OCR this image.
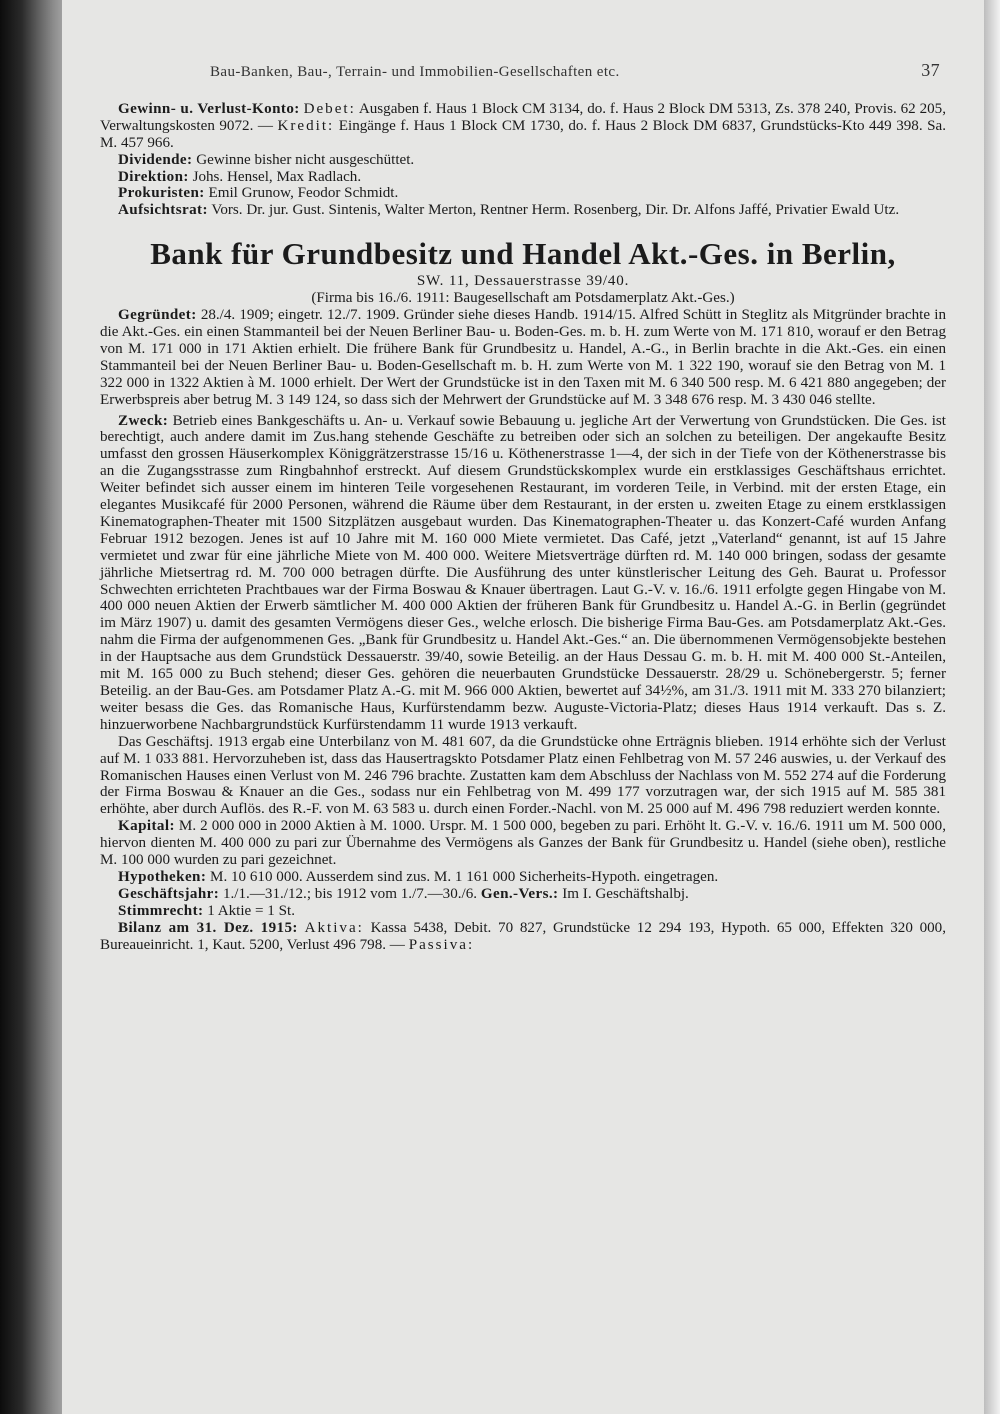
Bau-Banken, Bau-, Terrain- und Immobilien-Gesellschaften etc.	37

Gewinn- u. Verlust-Konto: Debet: Ausgaben f. Haus 1 Block CM 3134, do. f. Haus 2 Block DM 5313, Zs. 378 240, Provis. 62 205, Verwaltungskosten 9072. — Kredit: Eingänge f. Haus 1 Block CM 1730, do. f. Haus 2 Block DM 6837, Grundstücks-Kto 449 398. Sa. M. 457 966.

Dividende: Gewinne bisher nicht ausgeschüttet.

Direktion: Johs. Hensel, Max Radlach.

Prokuristen: Emil Grunow, Feodor Schmidt.

Aufsichtsrat: Vors. Dr. jur. Gust. Sintenis, Walter Merton, Rentner Herm. Rosenberg, Dir. Dr. Alfons Jaffé, Privatier Ewald Utz.

Bank für Grundbesitz und Handel Akt.-Ges. in Berlin,

SW. 11, Dessauerstrasse 39/40.

(Firma bis 16./6. 1911: Baugesellschaft am Potsdamerplatz Akt.-Ges.)

Gegründet: 28./4. 1909; eingetr. 12./7. 1909. Gründer siehe dieses Handb. 1914/15. Alfred Schütt in Steglitz als Mitgründer brachte in die Akt.-Ges. ein einen Stammanteil bei der Neuen Berliner Bau- u. Boden-Ges. m. b. H. zum Werte von M. 171 810, worauf er den Betrag von M. 171 000 in 171 Aktien erhielt. Die frühere Bank für Grundbesitz u. Handel, A.-G., in Berlin brachte in die Akt.-Ges. ein einen Stammanteil bei der Neuen Berliner Bau- u. Boden-Gesellschaft m. b. H. zum Werte von M. 1 322 190, worauf sie den Betrag von M. 1 322 000 in 1322 Aktien à M. 1000 erhielt. Der Wert der Grundstücke ist in den Taxen mit M. 6 340 500 resp. M. 6 421 880 angegeben; der Erwerbspreis aber betrug M. 3 149 124, so dass sich der Mehrwert der Grundstücke auf M. 3 348 676 resp. M. 3 430 046 stellte.

Zweck: Betrieb eines Bankgeschäfts u. An- u. Verkauf sowie Bebauung u. jegliche Art der Verwertung von Grundstücken. Die Ges. ist berechtigt, auch andere damit im Zus.hang stehende Geschäfte zu betreiben oder sich an solchen zu beteiligen. Der angekaufte Besitz umfasst den grossen Häuserkomplex Königgrätzerstrasse 15/16 u. Köthenerstrasse 1—4, der sich in der Tiefe von der Köthenerstrasse bis an die Zugangsstrasse zum Ringbahnhof erstreckt. Auf diesem Grundstückskomplex wurde ein erstklassiges Geschäftshaus errichtet. Weiter befindet sich ausser einem im hinteren Teile vorgesehenen Restaurant, im vorderen Teile, in Verbind. mit der ersten Etage, ein elegantes Musikcafé für 2000 Personen, während die Räume über dem Restaurant, in der ersten u. zweiten Etage zu einem erstklassigen Kinematographen-Theater mit 1500 Sitzplätzen ausgebaut wurden. Das Kinematographen-Theater u. das Konzert-Café wurden Anfang Februar 1912 bezogen. Jenes ist auf 10 Jahre mit M. 160 000 Miete vermietet. Das Café, jetzt „Vaterland“ genannt, ist auf 15 Jahre vermietet und zwar für eine jährliche Miete von M. 400 000. Weitere Mietsverträge dürften rd. M. 140 000 bringen, sodass der gesamte jährliche Mietsertrag rd. M. 700 000 betragen dürfte. Die Ausführung des unter künstlerischer Leitung des Geh. Baurat u. Professor Schwechten errichteten Prachtbaues war der Firma Boswau & Knauer übertragen. Laut G.-V. v. 16./6. 1911 erfolgte gegen Hingabe von M. 400 000 neuen Aktien der Erwerb sämtlicher M. 400 000 Aktien der früheren Bank für Grundbesitz u. Handel A.-G. in Berlin (gegründet im März 1907) u. damit des gesamten Vermögens dieser Ges., welche erlosch. Die bisherige Firma Bau-Ges. am Potsdamerplatz Akt.-Ges. nahm die Firma der aufgenommenen Ges. „Bank für Grundbesitz u. Handel Akt.-Ges.“ an. Die übernommenen Vermögensobjekte bestehen in der Hauptsache aus dem Grundstück Dessauerstr. 39/40, sowie Beteilig. an der Haus Dessau G. m. b. H. mit M. 400 000 St.-Anteilen, mit M. 165 000 zu Buch stehend; dieser Ges. gehören die neuerbauten Grundstücke Dessauerstr. 28/29 u. Schönebergerstr. 5; ferner Beteilig. an der Bau-Ges. am Potsdamer Platz A.-G. mit M. 966 000 Aktien, bewertet auf 34½%, am 31./3. 1911 mit M. 333 270 bilanziert; weiter besass die Ges. das Romanische Haus, Kurfürstendamm bezw. Auguste-Victoria-Platz; dieses Haus 1914 verkauft. Das s. Z. hinzuerworbene Nachbargrundstück Kurfürstendamm 11 wurde 1913 verkauft.

Das Geschäftsj. 1913 ergab eine Unterbilanz von M. 481 607, da die Grundstücke ohne Erträgnis blieben. 1914 erhöhte sich der Verlust auf M. 1 033 881. Hervorzuheben ist, dass das Hausertragskto Potsdamer Platz einen Fehlbetrag von M. 57 246 auswies, u. der Verkauf des Romanischen Hauses einen Verlust von M. 246 796 brachte. Zustatten kam dem Abschluss der Nachlass von M. 552 274 auf die Forderung der Firma Boswau & Knauer an die Ges., sodass nur ein Fehlbetrag von M. 499 177 vorzutragen war, der sich 1915 auf M. 585 381 erhöhte, aber durch Auflös. des R.-F. von M. 63 583 u. durch einen Forder.-Nachl. von M. 25 000 auf M. 496 798 reduziert werden konnte.

Kapital: M. 2 000 000 in 2000 Aktien à M. 1000. Urspr. M. 1 500 000, begeben zu pari. Erhöht lt. G.-V. v. 16./6. 1911 um M. 500 000, hiervon dienten M. 400 000 zu pari zur Übernahme des Vermögens als Ganzes der Bank für Grundbesitz u. Handel (siehe oben), restliche M. 100 000 wurden zu pari gezeichnet.

Hypotheken: M. 10 610 000. Ausserdem sind zus. M. 1 161 000 Sicherheits-Hypoth. eingetragen.

Geschäftsjahr: 1./1.—31./12.; bis 1912 vom 1./7.—30./6. Gen.-Vers.: Im I. Geschäftshalbj.

Stimmrecht: 1 Aktie = 1 St.

Bilanz am 31. Dez. 1915: Aktiva: Kassa 5438, Debit. 70 827, Grundstücke 12 294 193, Hypoth. 65 000, Effekten 320 000, Bureaueinricht. 1, Kaut. 5200, Verlust 496 798. — Passiva:
